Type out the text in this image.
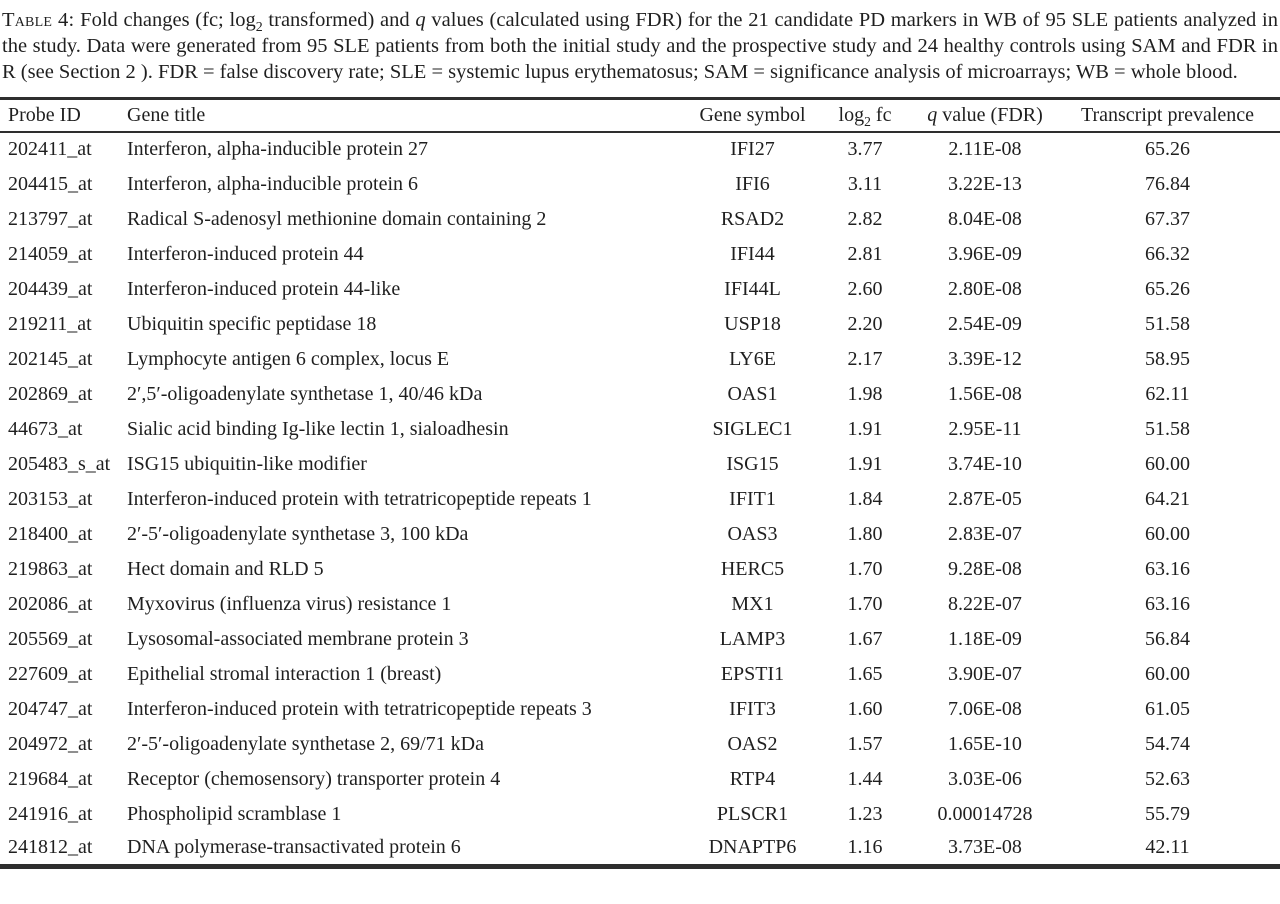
Table 4: Fold changes (fc; $\log_2$ transformed) and q values (calculated using FDR) for the 21 candidate PD markers in WB of 95 SLE patients analyzed in the study. Data were generated from 95 SLE patients from both the initial study and the prospective study and 24 healthy controls using SAM and FDR in R (see Section 2 ). FDR = false discovery rate; SLE = systemic lupus erythematosus; SAM = significance analysis of microarrays; WB = whole blood.

Probe ID	Gene title	Gene symbol	$\log_2$ fc	q value (FDR)	Transcript prevalence
202411_at	Interferon, alpha-inducible protein 27	IFI27	3.77	2.11E-08	65.26
204415_at	Interferon, alpha-inducible protein 6	IFI6	3.11	3.22E-13	76.84
213797_at	Radical S-adenosyl methionine domain containing 2	RSAD2	2.82	8.04E-08	67.37
214059_at	Interferon-induced protein 44	IFI44	2.81	3.96E-09	66.32
204439_at	Interferon-induced protein 44-like	IFI44L	2.60	2.80E-08	65.26
219211_at	Ubiquitin specific peptidase 18	USP18	2.20	2.54E-09	51.58
202145_at	Lymphocyte antigen 6 complex, locus E	LY6E	2.17	3.39E-12	58.95
202869_at	2′,5′-oligoadenylate synthetase 1, 40/46 kDa	OAS1	1.98	1.56E-08	62.11
44673_at	Sialic acid binding Ig-like lectin 1, sialoadhesin	SIGLEC1	1.91	2.95E-11	51.58
205483_s_at	ISG15 ubiquitin-like modifier	ISG15	1.91	3.74E-10	60.00
203153_at	Interferon-induced protein with tetratricopeptide repeats 1	IFIT1	1.84	2.87E-05	64.21
218400_at	2′-5′-oligoadenylate synthetase 3, 100 kDa	OAS3	1.80	2.83E-07	60.00
219863_at	Hect domain and RLD 5	HERC5	1.70	9.28E-08	63.16
202086_at	Myxovirus (influenza virus) resistance 1	MX1	1.70	8.22E-07	63.16
205569_at	Lysosomal-associated membrane protein 3	LAMP3	1.67	1.18E-09	56.84
227609_at	Epithelial stromal interaction 1 (breast)	EPSTI1	1.65	3.90E-07	60.00
204747_at	Interferon-induced protein with tetratricopeptide repeats 3	IFIT3	1.60	7.06E-08	61.05
204972_at	2′-5′-oligoadenylate synthetase 2, 69/71 kDa	OAS2	1.57	1.65E-10	54.74
219684_at	Receptor (chemosensory) transporter protein 4	RTP4	1.44	3.03E-06	52.63
241916_at	Phospholipid scramblase 1	PLSCR1	1.23	0.00014728	55.79
241812_at	DNA polymerase-transactivated protein 6	DNAPTP6	1.16	3.73E-08	42.11
